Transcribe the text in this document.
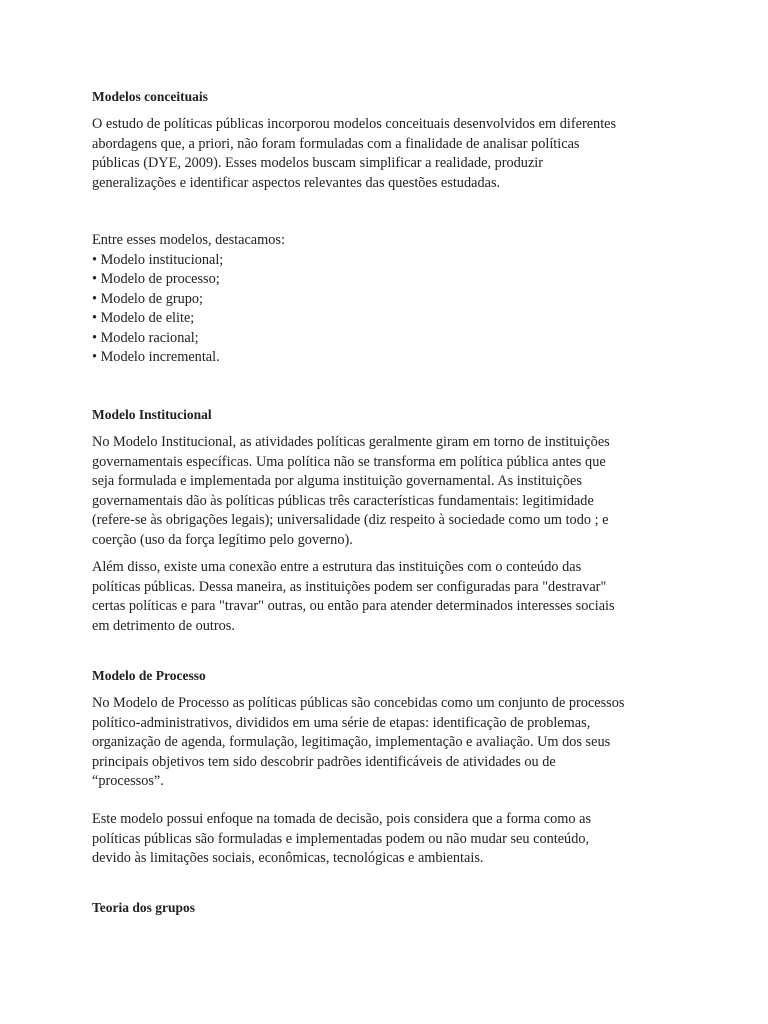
Modelos conceituais

O estudo de políticas públicas incorporou modelos conceituais desenvolvidos em diferentes
abordagens que, a priori, não foram formuladas com a finalidade de analisar políticas
públicas (DYE, 2009). Esses modelos buscam simplificar a realidade, produzir
generalizações e identificar aspectos relevantes das questões estudadas.

Entre esses modelos, destacamos:
• Modelo institucional;
• Modelo de processo;
• Modelo de grupo;
• Modelo de elite;
• Modelo racional;
• Modelo incremental.
Modelo Institucional

No Modelo Institucional, as atividades políticas geralmente giram em torno de instituições
governamentais específicas. Uma política não se transforma em política pública antes que
seja formulada e implementada por alguma instituição governamental. As instituições
governamentais dão às políticas públicas três características fundamentais: legitimidade
(refere-se às obrigações legais); universalidade (diz respeito à sociedade como um todo ; e
coerção (uso da força legítimo pelo governo).

Além disso, existe uma conexão entre a estrutura das instituições com o conteúdo das
políticas públicas. Dessa maneira, as instituições podem ser configuradas para "destravar"
certas políticas e para "travar" outras, ou então para atender determinados interesses sociais
em detrimento de outros.

Modelo de Processo

No Modelo de Processo as políticas públicas são concebidas como um conjunto de processos
político-administrativos, divididos em uma série de etapas: identificação de problemas,
organização de agenda, formulação, legitimação, implementação e avaliação. Um dos seus
principais objetivos tem sido descobrir padrões identificáveis de atividades ou de
“processos”.

Este modelo possui enfoque na tomada de decisão, pois considera que a forma como as
políticas públicas são formuladas e implementadas podem ou não mudar seu conteúdo,
devido às limitações sociais, econômicas, tecnológicas e ambientais.

Teoria dos grupos
